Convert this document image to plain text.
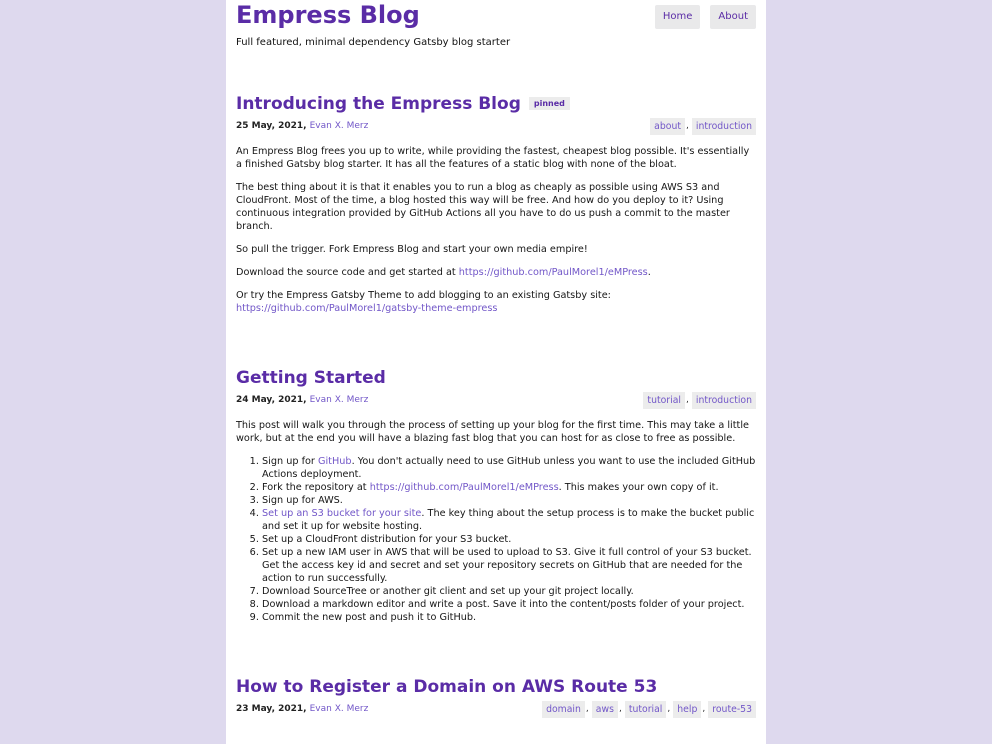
Empress Blog	Home	About

Full featured, minimal dependency Gatsby blog starter

Introducing the Empress Blog pinned
25 May, 2021, Evan X. Merz	about , introduction

An Empress Blog frees you up to write, while providing the fastest, cheapest blog possible. It's essentially a finished Gatsby blog starter. It has all the features of a static blog with none of the bloat.

The best thing about it is that it enables you to run a blog as cheaply as possible using AWS S3 and CloudFront. Most of the time, a blog hosted this way will be free. And how do you deploy to it? Using continuous integration provided by GitHub Actions all you have to do us push a commit to the master branch.

So pull the trigger. Fork Empress Blog and start your own media empire!

Download the source code and get started at https://github.com/PaulMorel1/eMPress.

Or try the Empress Gatsby Theme to add blogging to an existing Gatsby site: https://github.com/PaulMorel1/gatsby-theme-empress

Getting Started
24 May, 2021, Evan X. Merz	tutorial , introduction

This post will walk you through the process of setting up your blog for the first time. This may take a little work, but at the end you will have a blazing fast blog that you can host for as close to free as possible.

1. Sign up for GitHub. You don't actually need to use GitHub unless you want to use the included GitHub Actions deployment.
2. Fork the repository at https://github.com/PaulMorel1/eMPress. This makes your own copy of it.
3. Sign up for AWS.
4. Set up an S3 bucket for your site. The key thing about the setup process is to make the bucket public and set it up for website hosting.
5. Set up a CloudFront distribution for your S3 bucket.
6. Set up a new IAM user in AWS that will be used to upload to S3. Give it full control of your S3 bucket. Get the access key id and secret and set your repository secrets on GitHub that are needed for the action to run successfully.
7. Download SourceTree or another git client and set up your git project locally.
8. Download a markdown editor and write a post. Save it into the content/posts folder of your project.
9. Commit the new post and push it to GitHub.
How to Register a Domain on AWS Route 53
23 May, 2021, Evan X. Merz	domain , aws , tutorial , help , route-53
